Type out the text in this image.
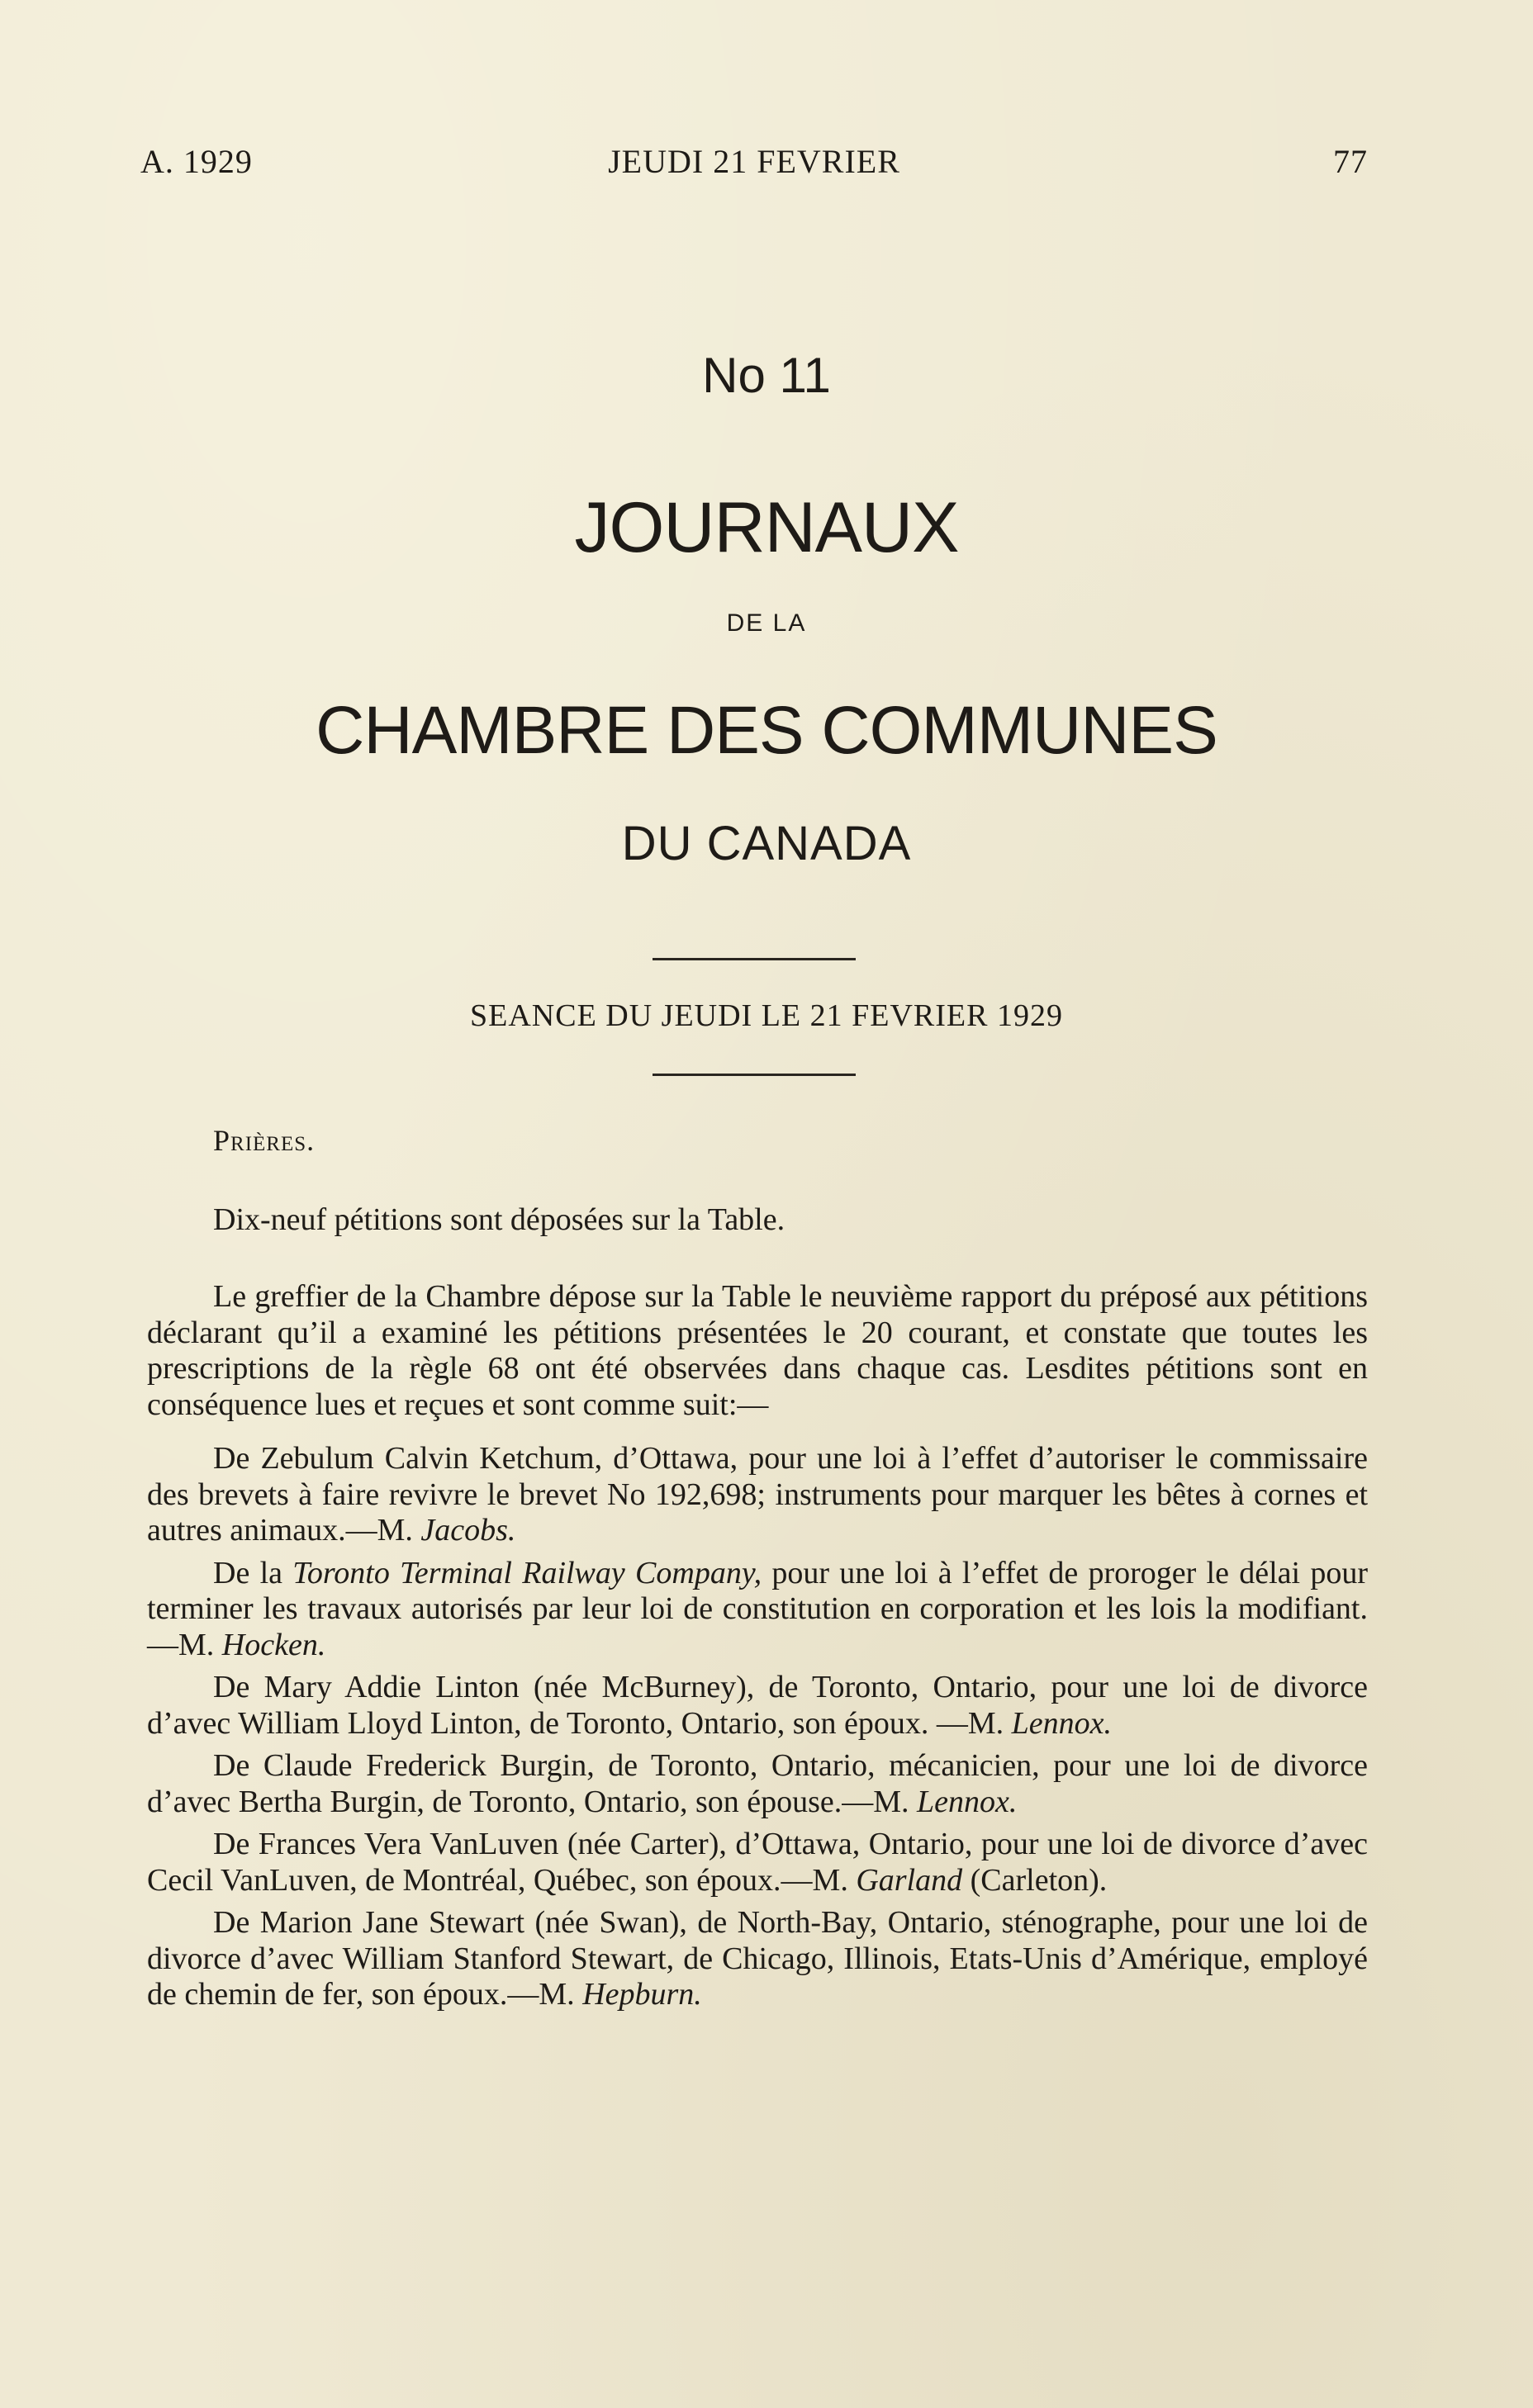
A. 1929	JEUDI 21 FEVRIER	77
No 11
JOURNAUX
DE LA
CHAMBRE DES COMMUNES
DU CANADA
SEANCE DU JEUDI LE 21 FEVRIER 1929

Prières.

Dix-neuf pétitions sont déposées sur la Table.

Le greffier de la Chambre dépose sur la Table le neuvième rapport du préposé aux pétitions déclarant qu’il a examiné les pétitions présentées le 20 courant, et constate que toutes les prescriptions de la règle 68 ont été observées dans chaque cas. Lesdites pétitions sont en conséquence lues et reçues et sont comme suit:—

De Zebulum Calvin Ketchum, d’Ottawa, pour une loi à l’effet d’autoriser le commissaire des brevets à faire revivre le brevet No 192,698; instruments pour marquer les bêtes à cornes et autres animaux.—M. Jacobs.

De la Toronto Terminal Railway Company, pour une loi à l’effet de proroger le délai pour terminer les travaux autorisés par leur loi de constitution en corporation et les lois la modifiant.—M. Hocken.

De Mary Addie Linton (née McBurney), de Toronto, Ontario, pour une loi de divorce d’avec William Lloyd Linton, de Toronto, Ontario, son époux. —M. Lennox.

De Claude Frederick Burgin, de Toronto, Ontario, mécanicien, pour une loi de divorce d’avec Bertha Burgin, de Toronto, Ontario, son épouse.—M. Lennox.

De Frances Vera VanLuven (née Carter), d’Ottawa, Ontario, pour une loi de divorce d’avec Cecil VanLuven, de Montréal, Québec, son époux.—M. Garland (Carleton).

De Marion Jane Stewart (née Swan), de North-Bay, Ontario, sténographe, pour une loi de divorce d’avec William Stanford Stewart, de Chicago, Illinois, Etats-Unis d’Amérique, employé de chemin de fer, son époux.—M. Hepburn.
